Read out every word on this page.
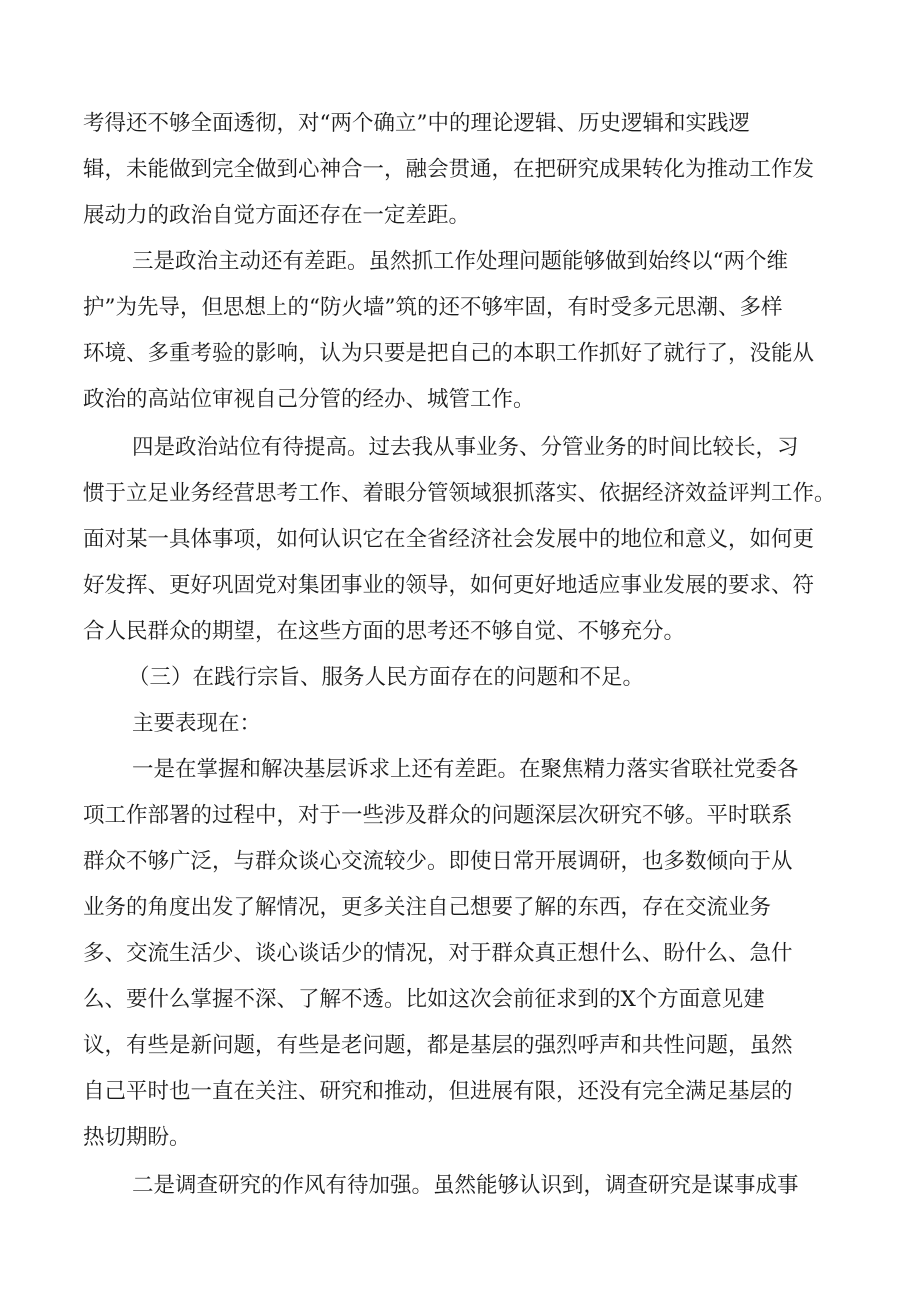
考得还不够全面透彻，对“两个确立”中的理论逻辑、历史逻辑和实践逻

辑，未能做到完全做到心神合一，融会贯通，在把研究成果转化为推动工作发

展动力的政治自觉方面还存在一定差距。

三是政治主动还有差距。虽然抓工作处理问题能够做到始终以“两个维

护”为先导，但思想上的“防火墙”筑的还不够牢固，有时受多元思潮、多样

环境、多重考验的影响，认为只要是把自己的本职工作抓好了就行了，没能从

政治的高站位审视自己分管的经办、城管工作。

四是政治站位有待提高。过去我从事业务、分管业务的时间比较长，习

惯于立足业务经营思考工作、着眼分管领域狠抓落实、依据经济效益评判工作。

面对某一具体事项，如何认识它在全省经济社会发展中的地位和意义，如何更

好发挥、更好巩固党对集团事业的领导，如何更好地适应事业发展的要求、符

合人民群众的期望，在这些方面的思考还不够自觉、不够充分。

（三）在践行宗旨、服务人民方面存在的问题和不足。

主要表现在：

一是在掌握和解决基层诉求上还有差距。在聚焦精力落实省联社党委各

项工作部署的过程中，对于一些涉及群众的问题深层次研究不够。平时联系

群众不够广泛，与群众谈心交流较少。即使日常开展调研，也多数倾向于从

业务的角度出发了解情况，更多关注自己想要了解的东西，存在交流业务

多、交流生活少、谈心谈话少的情况，对于群众真正想什么、盼什么、急什

么、要什么掌握不深、了解不透。比如这次会前征求到的X个方面意见建

议，有些是新问题，有些是老问题，都是基层的强烈呼声和共性问题，虽然

自己平时也一直在关注、研究和推动，但进展有限，还没有完全满足基层的

热切期盼。

二是调查研究的作风有待加强。虽然能够认识到，调查研究是谋事成事
